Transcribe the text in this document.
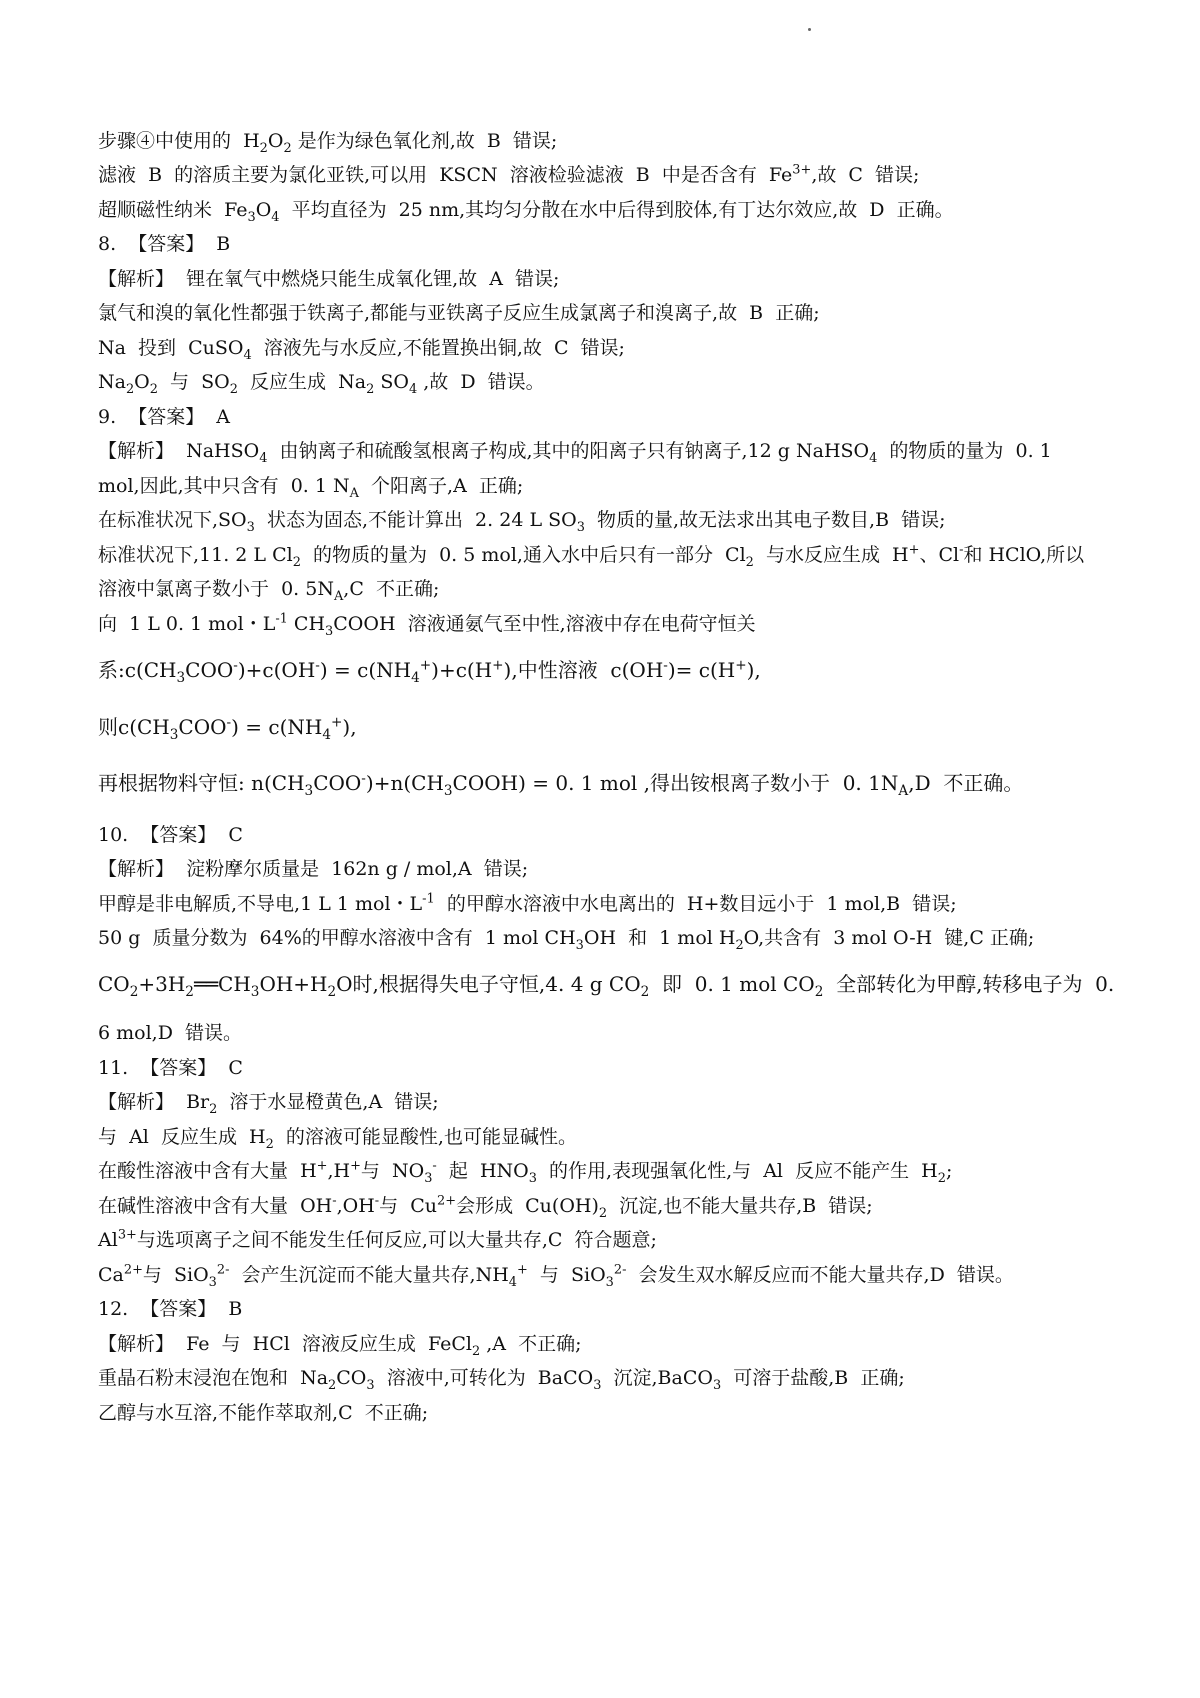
步骤④中使用的  $H_2O_2$ 是作为绿色氧化剂,故  B  错误;
滤液  B  的溶质主要为氯化亚铁,可以用  KSCN  溶液检验滤液  B  中是否含有  $Fe^{3+}$,故  C  错误;
超顺磁性纳米  $Fe_3O_4$  平均直径为  25 nm,其均匀分散在水中后得到胶体,有丁达尔效应,故  D  正确。
8.  【答案】  B
【解析】  锂在氧气中燃烧只能生成氧化锂,故  A  错误;
氯气和溴的氧化性都强于铁离子,都能与亚铁离子反应生成氯离子和溴离子,故  B  正确;
Na  投到  CuSO$_4$  溶液先与水反应,不能置换出铜,故  C  错误;
$Na_2O_2$  与  $SO_2$  反应生成  $Na_2$ $SO_4$ ,故  D  错误。
9.  【答案】  A
【解析】  NaHSO$_4$  由钠离子和硫酸氢根离子构成,其中的阳离子只有钠离子,12 g NaHSO$_4$  的物质的量为  0. 1
mol,因此,其中只含有  0. 1 $N_A$  个阳离子,A  正确;
在标准状况下$,SO_3$  状态为固态,不能计算出  2. 24 L $SO_3$  物质的量,故无法求出其电子数目,B  错误;
标准状况下,11. 2 L $Cl_2$  的物质的量为  0. 5 mol,通入水中后只有一部分  $Cl_2$  与水反应生成  H+、Cl-和 HClO,所以
溶液中氯离子数小于  0. $5N_A,C$  不正确;
向  1 L 0. 1 mol・$L^{-1}$ $CH_3COOH$  溶液通氨气至中性,溶液中存在电荷守恒关
系$:c(CH_3COO^-)+c(OH^-) = c(NH_4^+)+c(H^+)$,中性溶液  c(OH-)= c(H+),
则$c(CH_3COO^-) = c(NH_4^+)$,
再根据物料守恒: $n(CH_3COO^-)+n(CH_3COOH) = 0$. 1 mol ,得出铵根离子数小于  0. $1N_A,D$  不正确。
10.  【答案】  C
【解析】  淀粉摩尔质量是  162n g / mol,A  错误;
甲醇是非电解质,不导电,1 L 1 mol・$L^{-1}$  的甲醇水溶液中水电离出的  H+数目远小于  1 mol,B  错误;
50 g  质量分数为  64%的甲醇水溶液中含有  1 mol $CH_3OH$  和  1 mol $H_2O$,共含有  3 mol O-H  键,C 正确;
$CO_2+3H_2══CH_3OH+H_2O$时,根据得失电子守恒,4. 4 g $CO_2$  即  0. 1 mol $CO_2$  全部转化为甲醇,转移电子为  0.
6 mol,D  错误。
11.  【答案】  C
【解析】  $Br_2$  溶于水显橙黄色,A  错误;
与  Al  反应生成  $H_2$  的溶液可能显酸性,也可能显碱性。
在酸性溶液中含有大量  H+,H+与  $NO_3^-$  起  $HNO_3$  的作用,表现强氧化性,与  Al  反应不能产生  $H_2$;
在碱性溶液中含有大量  OH-,OH-与  $Cu^{2+}$会形成  $Cu(OH)_2$  沉淀,也不能大量共存,B  错误;
$Al^{3+}$与选项离子之间不能发生任何反应,可以大量共存,C  符合题意;
$Ca^{2+}$与  SiO$_3^{2-}$  会产生沉淀而不能大量共存$,NH_4^+$  与  SiO$_3^{2-}$  会发生双水解反应而不能大量共存,D  错误。
12.  【答案】  B
【解析】  Fe  与  HCl  溶液反应生成  FeCl$_2$ ,A  不正确;
重晶石粉末浸泡在饱和  $Na_2CO_3$  溶液中,可转化为  BaCO$_3$  沉淀,BaCO$_3$  可溶于盐酸,B  正确;
乙醇与水互溶,不能作萃取剂,C  不正确;
